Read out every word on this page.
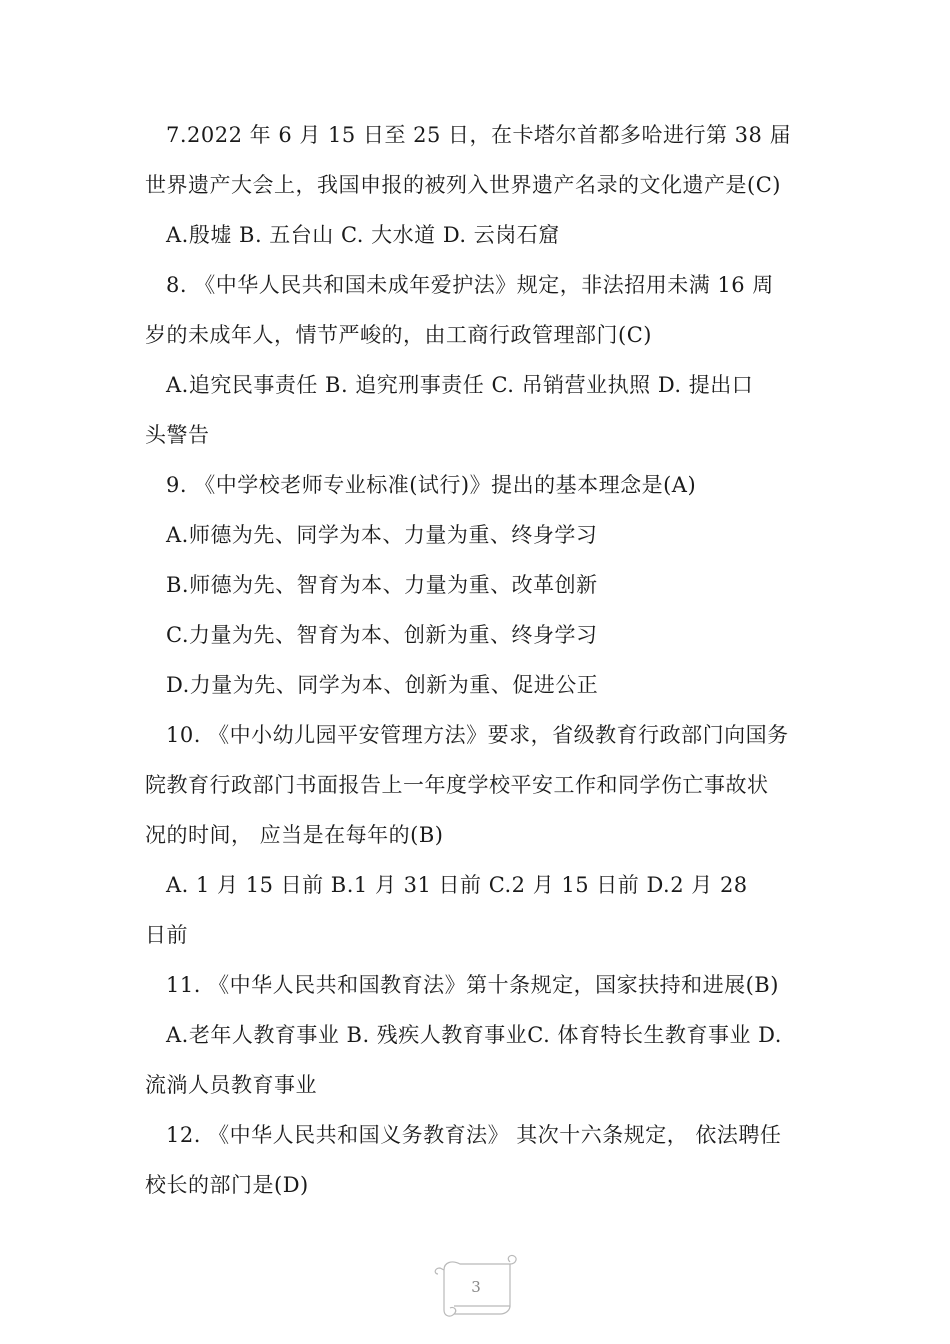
7.2022 年 6 月 15 日至 25 日，在卡塔尔首都多哈进行第 38 届
世界遗产大会上，我国申报的被列入世界遗产名录的文化遗产是(C)
A.殷墟 B. 五台山 C. 大水道 D. 云岗石窟
8. 《中华人民共和国未成年爱护法》规定，非法招用未满 16 周
岁的未成年人，情节严峻的，由工商行政管理部门(C)
A.追究民事责任 B. 追究刑事责任 C. 吊销营业执照 D. 提出口
头警告
9. 《中学校老师专业标准(试行)》提出的基本理念是(A)
A.师德为先、同学为本、力量为重、终身学习
B.师德为先、智育为本、力量为重、改革创新
C.力量为先、智育为本、创新为重、终身学习
D.力量为先、同学为本、创新为重、促进公正
10. 《中小幼儿园平安管理方法》要求，省级教育行政部门向国务
院教育行政部门书面报告上一年度学校平安工作和同学伤亡事故状
况的时间， 应当是在每年的(B)
A. 1 月 15 日前 B.1 月 31 日前 C.2 月 15 日前 D.2 月 28
日前
11. 《中华人民共和国教育法》第十条规定，国家扶持和进展(B)
A.老年人教育事业 B. 残疾人教育事业C. 体育特长生教育事业 D.
流淌人员教育事业
12. 《中华人民共和国义务教育法》 其次十六条规定， 依法聘任
校长的部门是(D)
3
